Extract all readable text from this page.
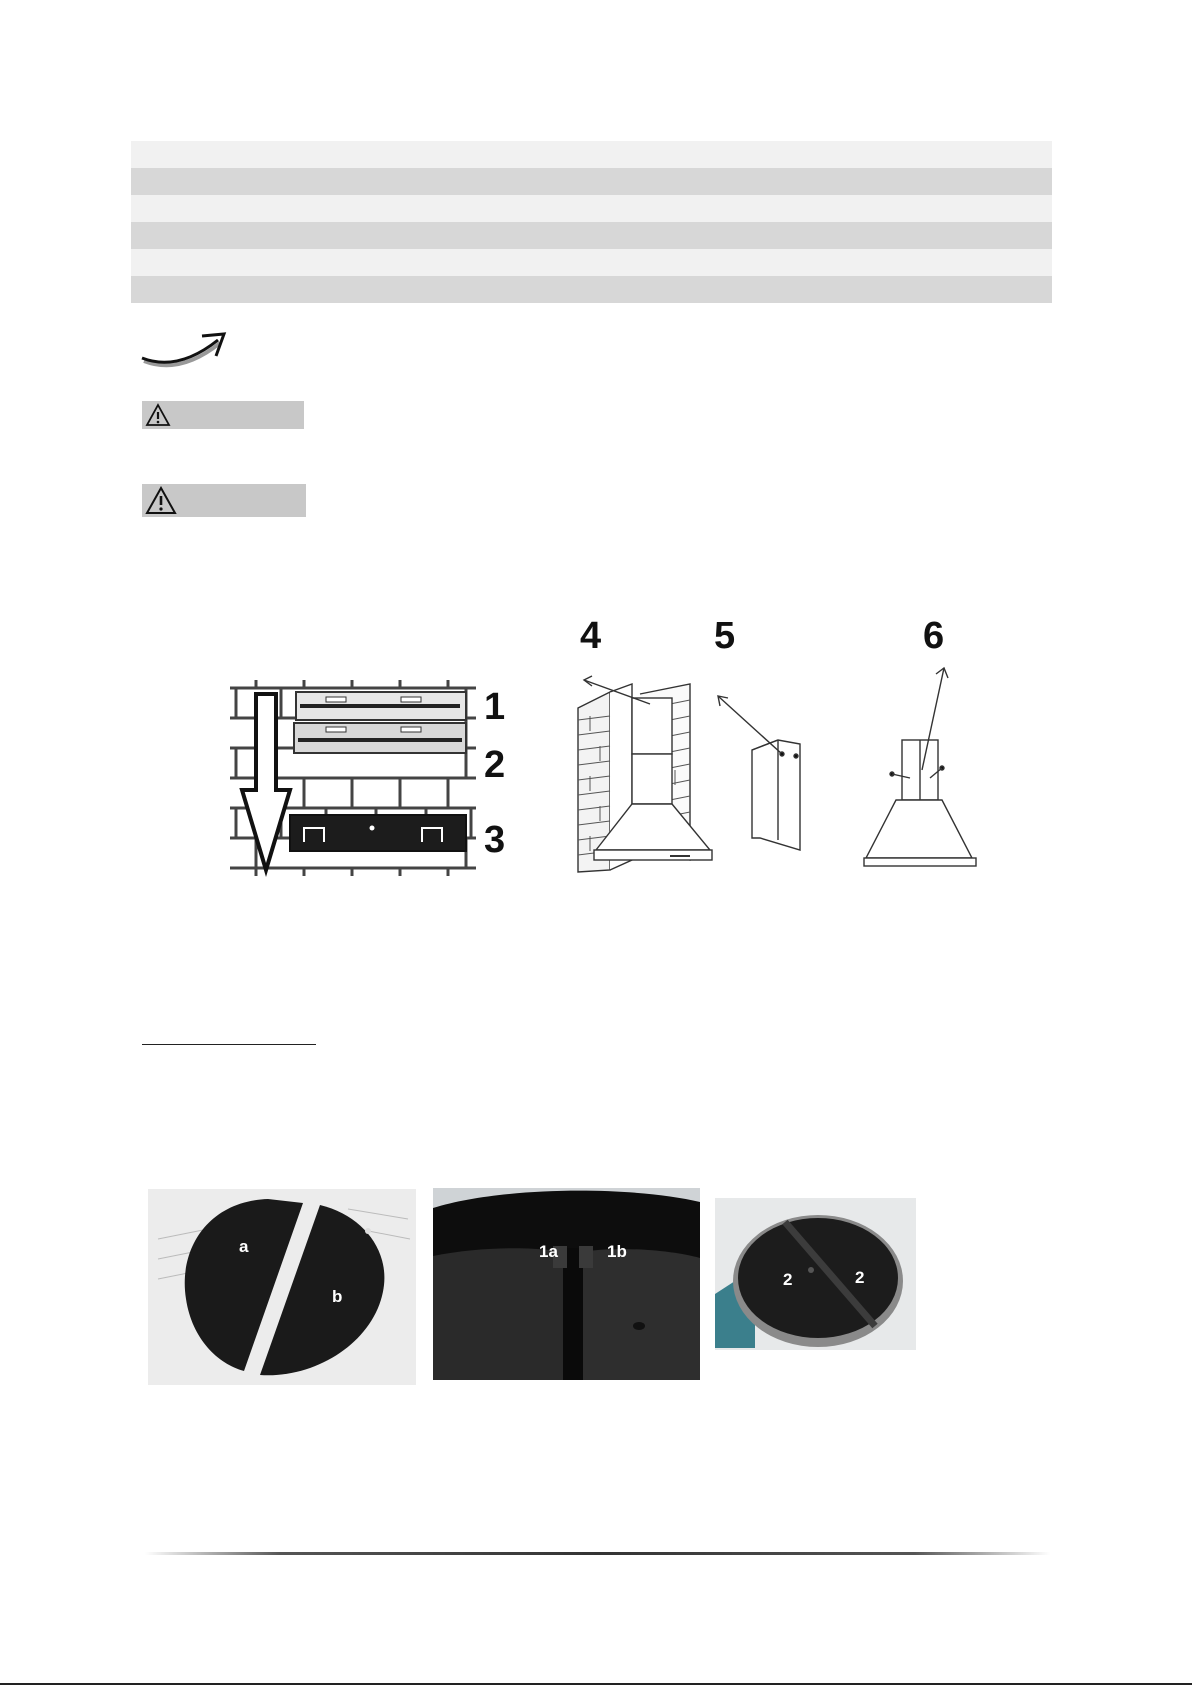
1
2
3
4	5	6
a
b
1a	1b
2	2
